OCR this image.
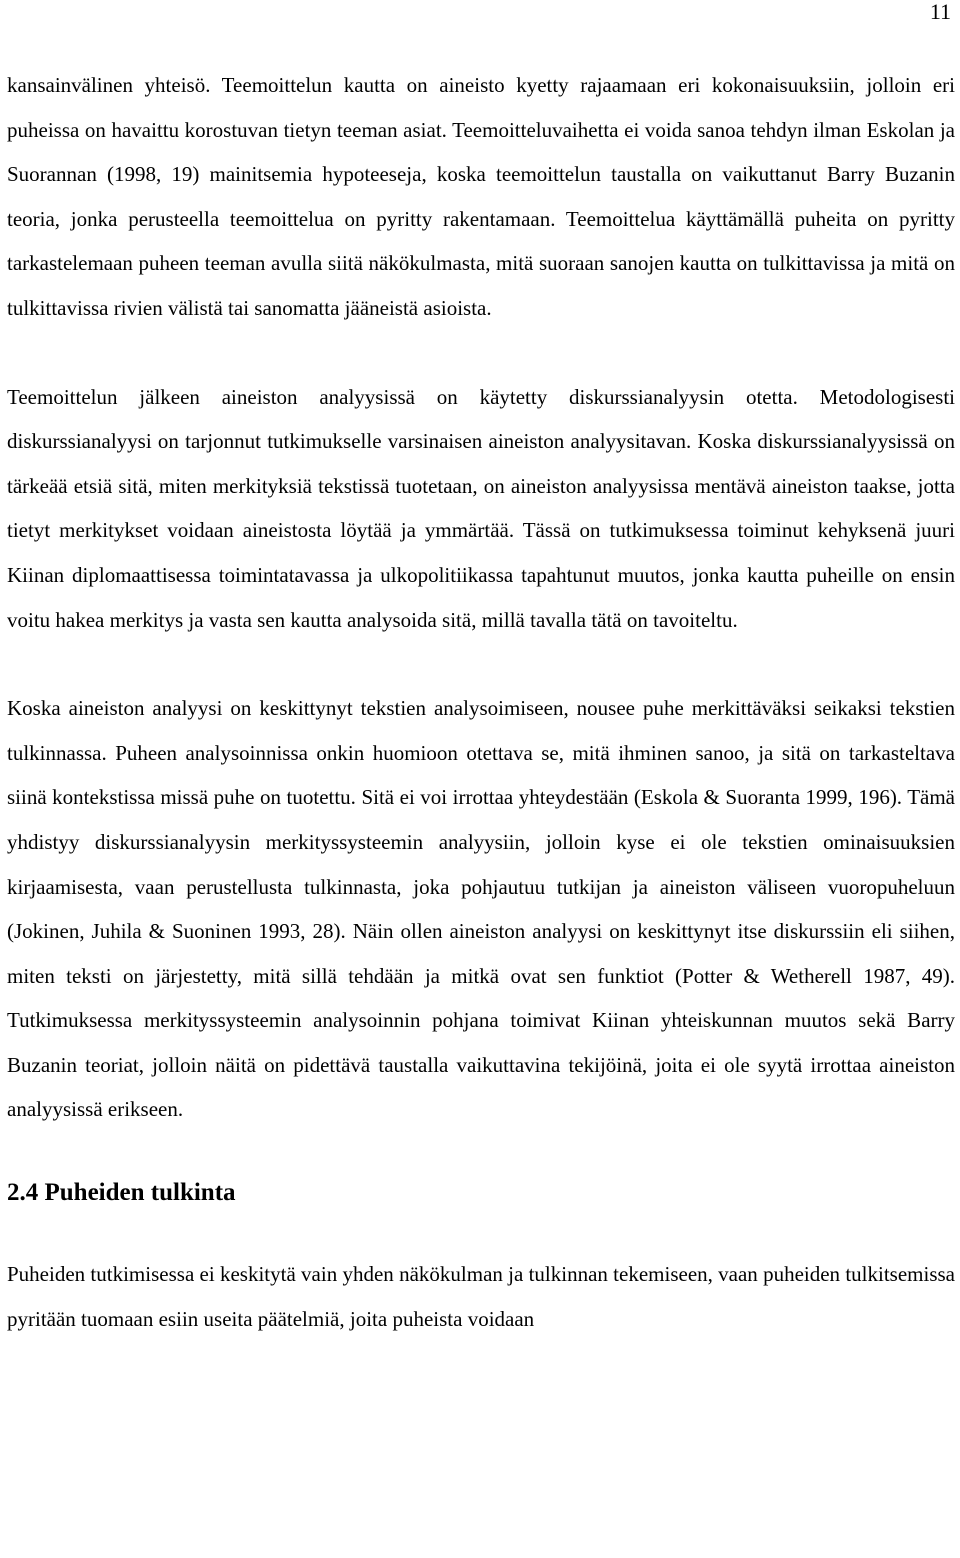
11

kansainvälinen yhteisö. Teemoittelun kautta on aineisto kyetty rajaamaan eri kokonaisuuksiin, jolloin eri puheissa on havaittu korostuvan tietyn teeman asiat. Teemoitteluvaihetta ei voida sanoa tehdyn ilman Eskolan ja Suorannan (1998, 19) mainitsemia hypoteeseja, koska teemoittelun taustalla on vaikuttanut Barry Buzanin teoria, jonka perusteella teemoittelua on pyritty rakentamaan. Teemoittelua käyttämällä puheita on pyritty tarkastelemaan puheen teeman avulla siitä näkökulmasta, mitä suoraan sanojen kautta on tulkittavissa ja mitä on tulkittavissa rivien välistä tai sanomatta jääneistä asioista.

Teemoittelun jälkeen aineiston analyysissä on käytetty diskurssianalyysin otetta. Metodologisesti diskurssianalyysi on tarjonnut tutkimukselle varsinaisen aineiston analyysitavan. Koska diskurssianalyysissä on tärkeää etsiä sitä, miten merkityksiä tekstissä tuotetaan, on aineiston analyysissa mentävä aineiston taakse, jotta tietyt merkitykset voidaan aineistosta löytää ja ymmärtää. Tässä on tutkimuksessa toiminut kehyksenä juuri Kiinan diplomaattisessa toimintatavassa ja ulkopolitiikassa tapahtunut muutos, jonka kautta puheille on ensin voitu hakea merkitys ja vasta sen kautta analysoida sitä, millä tavalla tätä on tavoiteltu.

Koska aineiston analyysi on keskittynyt tekstien analysoimiseen, nousee puhe merkittäväksi seikaksi tekstien tulkinnassa. Puheen analysoinnissa onkin huomioon otettava se, mitä ihminen sanoo, ja sitä on tarkasteltava siinä kontekstissa missä puhe on tuotettu. Sitä ei voi irrottaa yhteydestään (Eskola & Suoranta 1999, 196). Tämä yhdistyy diskurssianalyysin merkityssysteemin analyysiin, jolloin kyse ei ole tekstien ominaisuuksien kirjaamisesta, vaan perustellusta tulkinnasta, joka pohjautuu tutkijan ja aineiston väliseen vuoropuheluun (Jokinen, Juhila & Suoninen 1993, 28). Näin ollen aineiston analyysi on keskittynyt itse diskurssiin eli siihen, miten teksti on järjestetty, mitä sillä tehdään ja mitkä ovat sen funktiot (Potter & Wetherell 1987, 49). Tutkimuksessa merkityssysteemin analysoinnin pohjana toimivat Kiinan yhteiskunnan muutos sekä Barry Buzanin teoriat, jolloin näitä on pidettävä taustalla vaikuttavina tekijöinä, joita ei ole syytä irrottaa aineiston analyysissä erikseen.

2.4 Puheiden tulkinta

Puheiden tutkimisessa ei keskitytä vain yhden näkökulman ja tulkinnan tekemiseen, vaan puheiden tulkitsemissa pyritään tuomaan esiin useita päätelmiä, joita puheista voidaan
